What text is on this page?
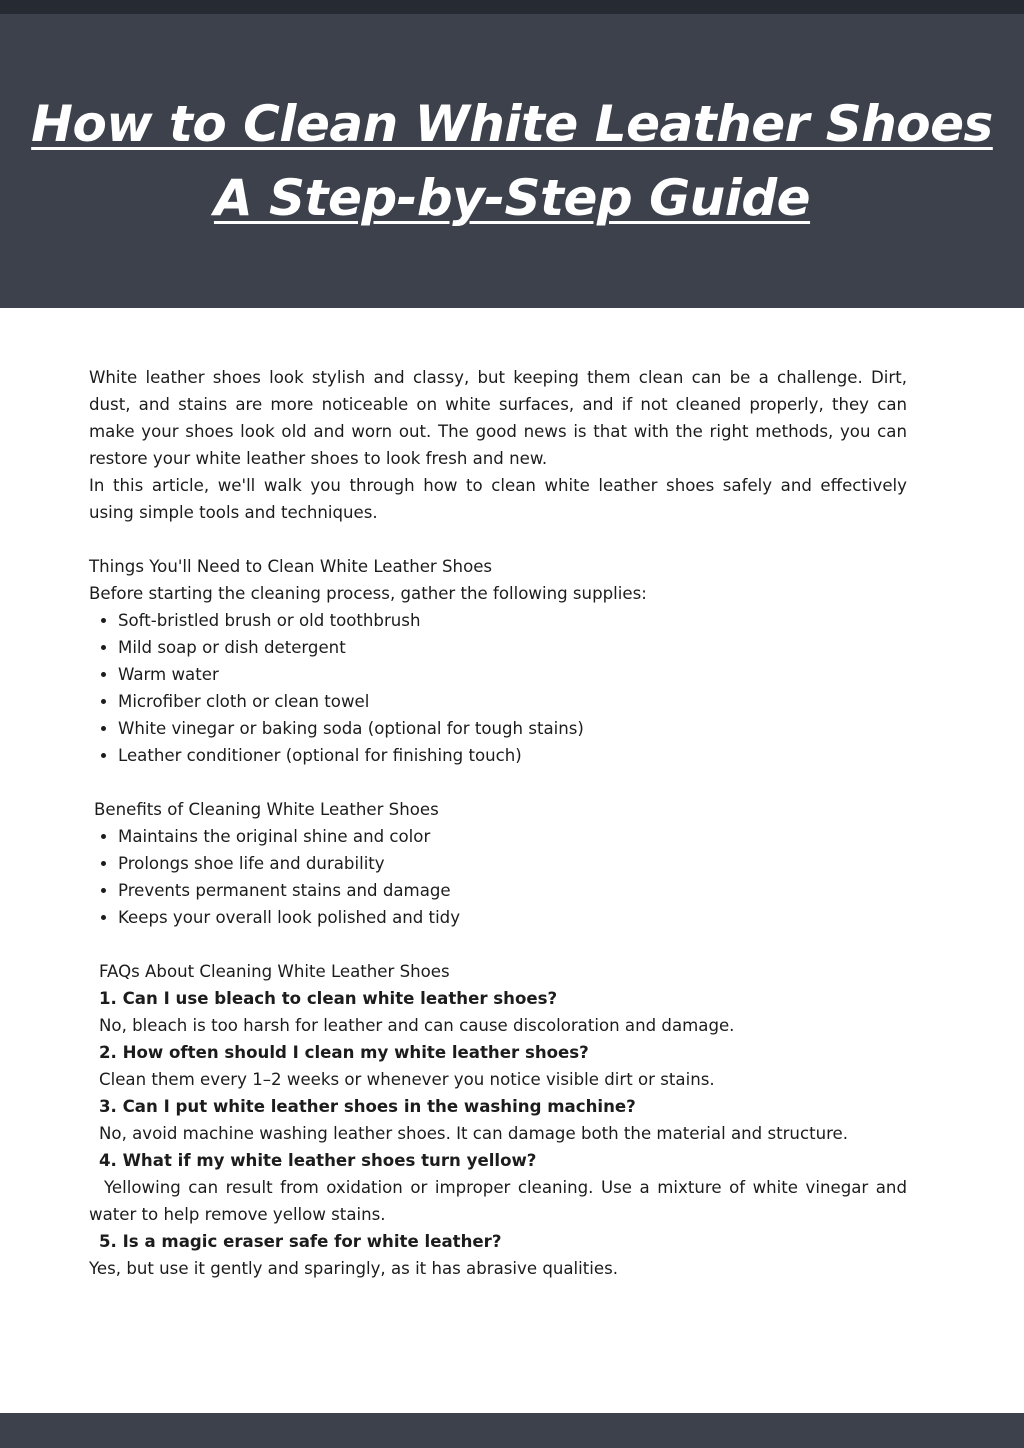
How to Clean White Leather Shoes
A Step-by-Step Guide

White leather shoes look stylish and classy, but keeping them clean can be a challenge. Dirt, dust, and stains are more noticeable on white surfaces, and if not cleaned properly, they can make your shoes look old and worn out. The good news is that with the right methods, you can restore your white leather shoes to look fresh and new.

In this article, we'll walk you through how to clean white leather shoes safely and effectively using simple tools and techniques.

Things You'll Need to Clean White Leather Shoes

Before starting the cleaning process, gather the following supplies:

• Soft-bristled brush or old toothbrush
• Mild soap or dish detergent
• Warm water
• Microfiber cloth or clean towel
• White vinegar or baking soda (optional for tough stains)
• Leather conditioner (optional for finishing touch)

Benefits of Cleaning White Leather Shoes

• Maintains the original shine and color
• Prolongs shoe life and durability
• Prevents permanent stains and damage
• Keeps your overall look polished and tidy

FAQs About Cleaning White Leather Shoes

1. Can I use bleach to clean white leather shoes?

No, bleach is too harsh for leather and can cause discoloration and damage.

2. How often should I clean my white leather shoes?

Clean them every 1–2 weeks or whenever you notice visible dirt or stains.

3. Can I put white leather shoes in the washing machine?

No, avoid machine washing leather shoes. It can damage both the material and structure.

4. What if my white leather shoes turn yellow?

Yellowing can result from oxidation or improper cleaning. Use a mixture of white vinegar and water to help remove yellow stains.

5. Is a magic eraser safe for white leather?

Yes, but use it gently and sparingly, as it has abrasive qualities.
